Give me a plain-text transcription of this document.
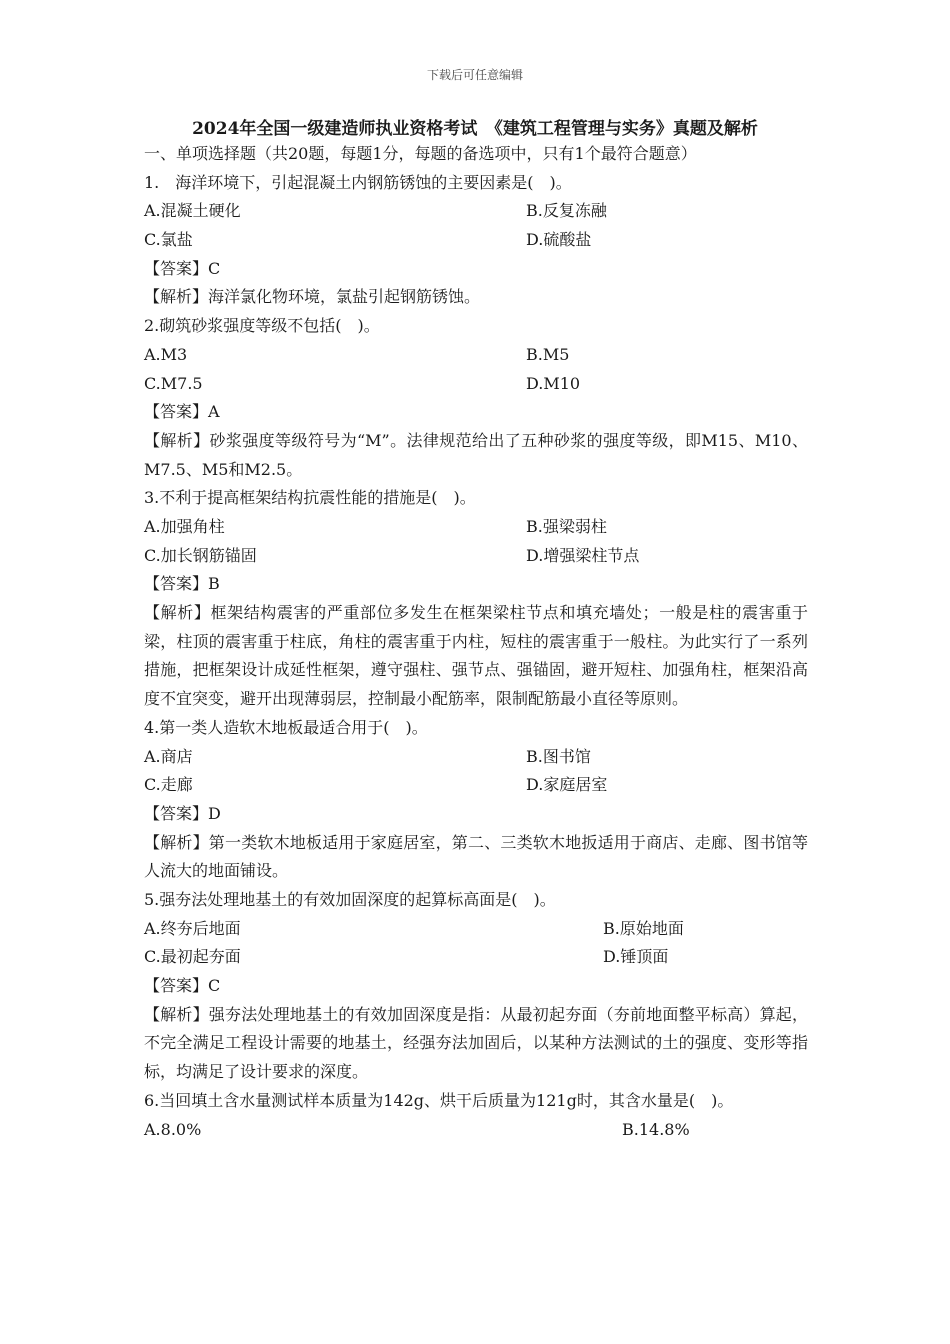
下载后可任意编辑
2024年全国一级建造师执业资格考试　《建筑工程管理与实务》真题及解析
一、单项选择题（共20题，每题1分，每题的备选项中，只有1个最符合题意）
1.　海洋环境下，引起混凝土内钢筋锈蚀的主要因素是(　)。
A.混凝土硬化	B.反复冻融
C.氯盐	D.硫酸盐
【答案】C
【解析】海洋氯化物环境，氯盐引起钢筋锈蚀。
2.砌筑砂浆强度等级不包括(　)。
A.M3	B.M5
C.M7.5	D.M10
【答案】A
【解析】砂浆强度等级符号为“M”。法律规范给出了五种砂浆的强度等级，即M15、M10、M7.5、M5和M2.5。
3.不利于提高框架结构抗震性能的措施是(　)。
A.加强角柱	B.强梁弱柱
C.加长钢筋锚固	D.增强梁柱节点
【答案】B
【解析】框架结构震害的严重部位多发生在框架梁柱节点和填充墙处；一般是柱的震害重于梁，柱顶的震害重于柱底，角柱的震害重于内柱，短柱的震害重于一般柱。为此实行了一系列措施，把框架设计成延性框架，遵守强柱、强节点、强锚固，避开短柱、加强角柱，框架沿高度不宜突变，避开出现薄弱层，控制最小配筋率，限制配筋最小直径等原则。
4.第一类人造软木地板最适合用于(　)。
A.商店	B.图书馆
C.走廊	D.家庭居室
【答案】D
【解析】第一类软木地板适用于家庭居室，第二、三类软木地扳适用于商店、走廊、图书馆等人流大的地面铺设。
5.强夯法处理地基土的有效加固深度的起算标高面是(　)。
A.终夯后地面	B.原始地面
C.最初起夯面	D.锤顶面
【答案】C
【解析】强夯法处理地基土的有效加固深度是指：从最初起夯面（夯前地面整平标高）算起，不完全满足工程设计需要的地基土，经强夯法加固后，以某种方法测试的土的强度、变形等指标，均满足了设计要求的深度。
6.当回填土含水量测试样本质量为142g、烘干后质量为121g时，其含水量是(　)。
A.8.0%	B.14.8%
